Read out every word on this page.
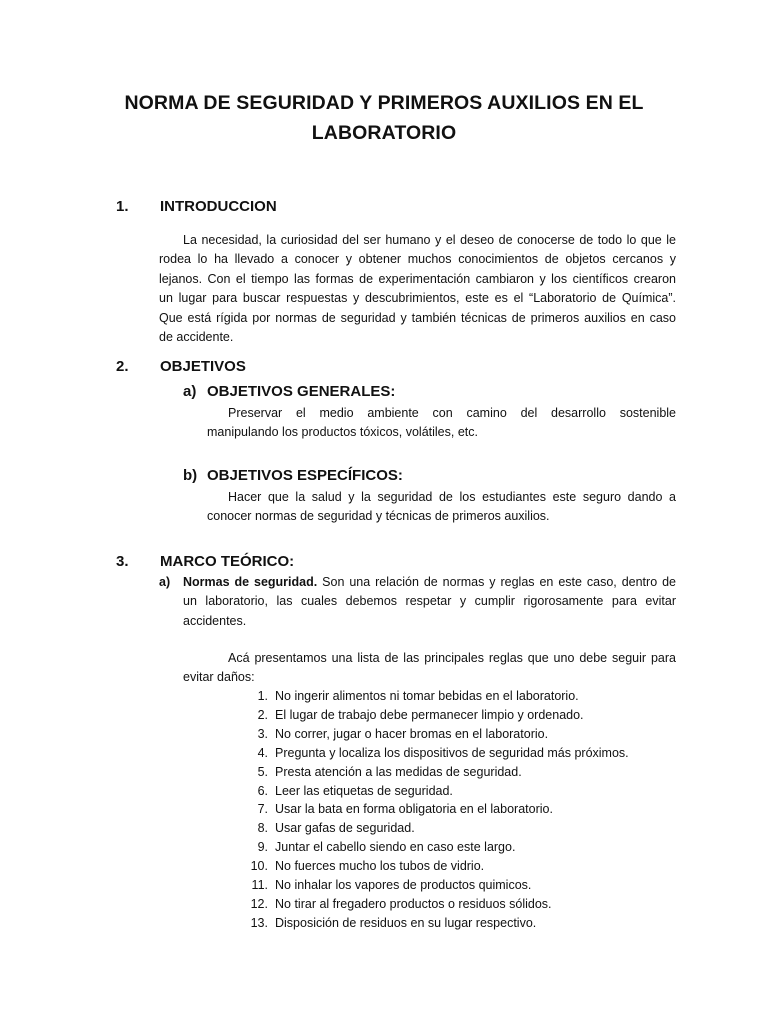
NORMA DE SEGURIDAD Y PRIMEROS AUXILIOS EN EL
LABORATORIO
1.	INTRODUCCION
La necesidad, la curiosidad del ser humano y el deseo de conocerse de todo lo que le
rodea lo ha llevado a conocer y obtener muchos conocimientos de objetos cercanos y
lejanos. Con el tiempo las formas de experimentación cambiaron y los científicos crearon
un lugar para buscar respuestas y descubrimientos, este es el “Laboratorio de Química”.
Que está rígida por normas de seguridad y también técnicas de primeros auxilios en caso
de accidente.
2.	OBJETIVOS
a) OBJETIVOS GENERALES:
Preservar el medio ambiente con camino del desarrollo sostenible
manipulando los productos tóxicos, volátiles, etc.
b) OBJETIVOS ESPECÍFICOS:
Hacer que la salud y la seguridad de los estudiantes este seguro dando a
conocer normas de seguridad y técnicas de primeros auxilios.
3.	MARCO TEÓRICO:
a)	Normas de seguridad. Son una relación de normas y reglas en este caso, dentro de
un laboratorio, las cuales debemos respetar y cumplir rigorosamente para evitar
accidentes.
Acá presentamos una lista de las principales reglas que uno debe seguir para
evitar daños:
1. No ingerir alimentos ni tomar bebidas en el laboratorio.
2. El lugar de trabajo debe permanecer limpio y ordenado.
3. No correr, jugar o hacer bromas en el laboratorio.
4. Pregunta y localiza los dispositivos de seguridad más próximos.
5. Presta atención a las medidas de seguridad.
6. Leer las etiquetas de seguridad.
7. Usar la bata en forma obligatoria en el laboratorio.
8. Usar gafas de seguridad.
9. Juntar el cabello siendo en caso este largo.
10. No fuerces mucho los tubos de vidrio.
11. No inhalar los vapores de productos quimicos.
12. No tirar al fregadero productos o residuos sólidos.
13. Disposición de residuos en su lugar respectivo.
